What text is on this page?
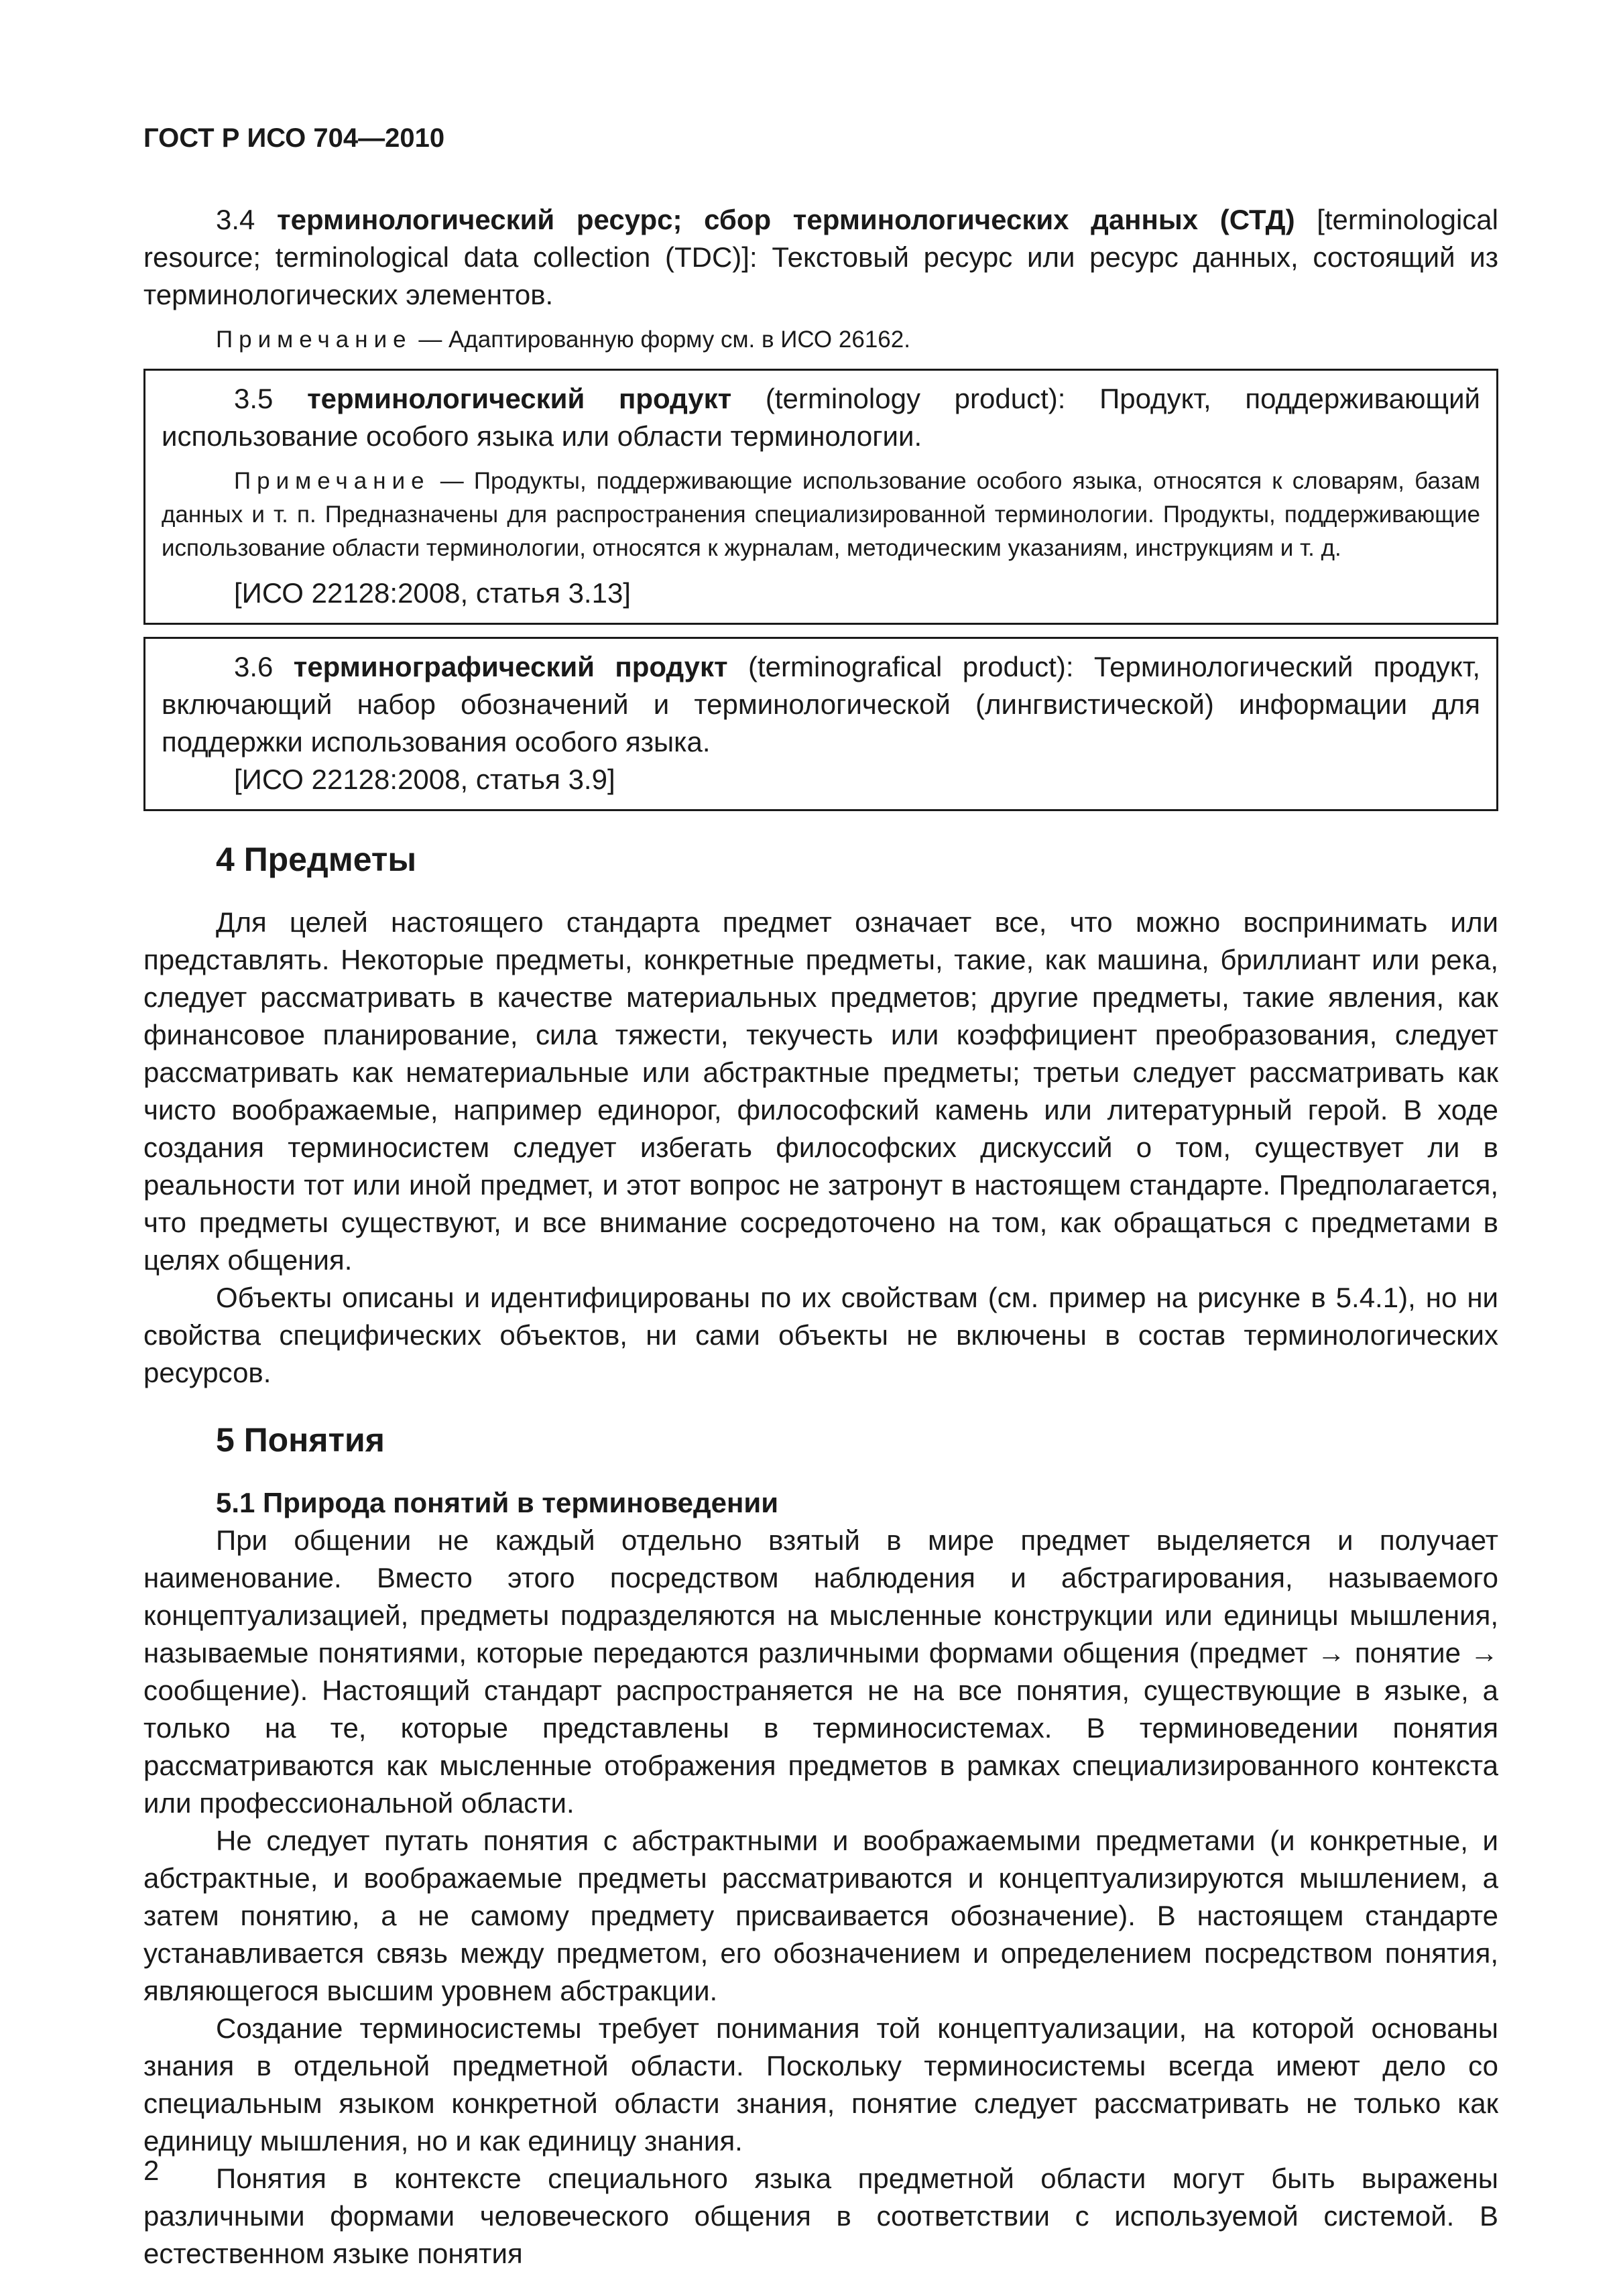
ГОСТ Р ИСО 704—2010

3.4 терминологический ресурс; сбор терминологических данных (СТД) [terminological resource; terminological data collection (TDC)]: Текстовый ресурс или ресурс данных, состоящий из терминологических элементов.

Примечание — Адаптированную форму см. в ИСО 26162.

3.5 терминологический продукт (terminology product): Продукт, поддерживающий использование особого языка или области терминологии.

Примечание — Продукты, поддерживающие использование особого языка, относятся к словарям, базам данных и т. п. Предназначены для распространения специализированной терминологии. Продукты, поддерживающие использование области терминологии, относятся к журналам, методическим указаниям, инструкциям и т. д.

[ИСО 22128:2008, статья 3.13]

3.6 терминографический продукт (terminografical product): Терминологический продукт, включающий набор обозначений и терминологической (лингвистической) информации для поддержки использования особого языка.

[ИСО 22128:2008, статья 3.9]

4 Предметы

Для целей настоящего стандарта предмет означает все, что можно воспринимать или представлять. Некоторые предметы, конкретные предметы, такие, как машина, бриллиант или река, следует рассматривать в качестве материальных предметов; другие предметы, такие явления, как финансовое планирование, сила тяжести, текучесть или коэффициент преобразования, следует рассматривать как нематериальные или абстрактные предметы; третьи следует рассматривать как чисто воображаемые, например единорог, философский камень или литературный герой. В ходе создания терминосистем следует избегать философских дискуссий о том, существует ли в реальности тот или иной предмет, и этот вопрос не затронут в настоящем стандарте. Предполагается, что предметы существуют, и все внимание сосредоточено на том, как обращаться с предметами в целях общения.

Объекты описаны и идентифицированы по их свойствам (см. пример на рисунке в 5.4.1), но ни свойства специфических объектов, ни сами объекты не включены в состав терминологических ресурсов.

5 Понятия
5.1 Природа понятий в терминоведении

При общении не каждый отдельно взятый в мире предмет выделяется и получает наименование. Вместо этого посредством наблюдения и абстрагирования, называемого концептуализацией, предметы подразделяются на мысленные конструкции или единицы мышления, называемые понятиями, которые передаются различными формами общения (предмет → понятие → сообщение). Настоящий стандарт распространяется не на все понятия, существующие в языке, а только на те, которые представлены в терминосистемах. В терминоведении понятия рассматриваются как мысленные отображения предметов в рамках специализированного контекста или профессиональной области.

Не следует путать понятия с абстрактными и воображаемыми предметами (и конкретные, и абстрактные, и воображаемые предметы рассматриваются и концептуализируются мышлением, а затем понятию, а не самому предмету присваивается обозначение). В настоящем стандарте устанавливается связь между предметом, его обозначением и определением посредством понятия, являющегося высшим уровнем абстракции.

Создание терминосистемы требует понимания той концептуализации, на которой основаны знания в отдельной предметной области. Поскольку терминосистемы всегда имеют дело со специальным языком конкретной области знания, понятие следует рассматривать не только как единицу мышления, но и как единицу знания.

Понятия в контексте специального языка предметной области могут быть выражены различными формами человеческого общения в соответствии с используемой системой. В естественном языке понятия

2
